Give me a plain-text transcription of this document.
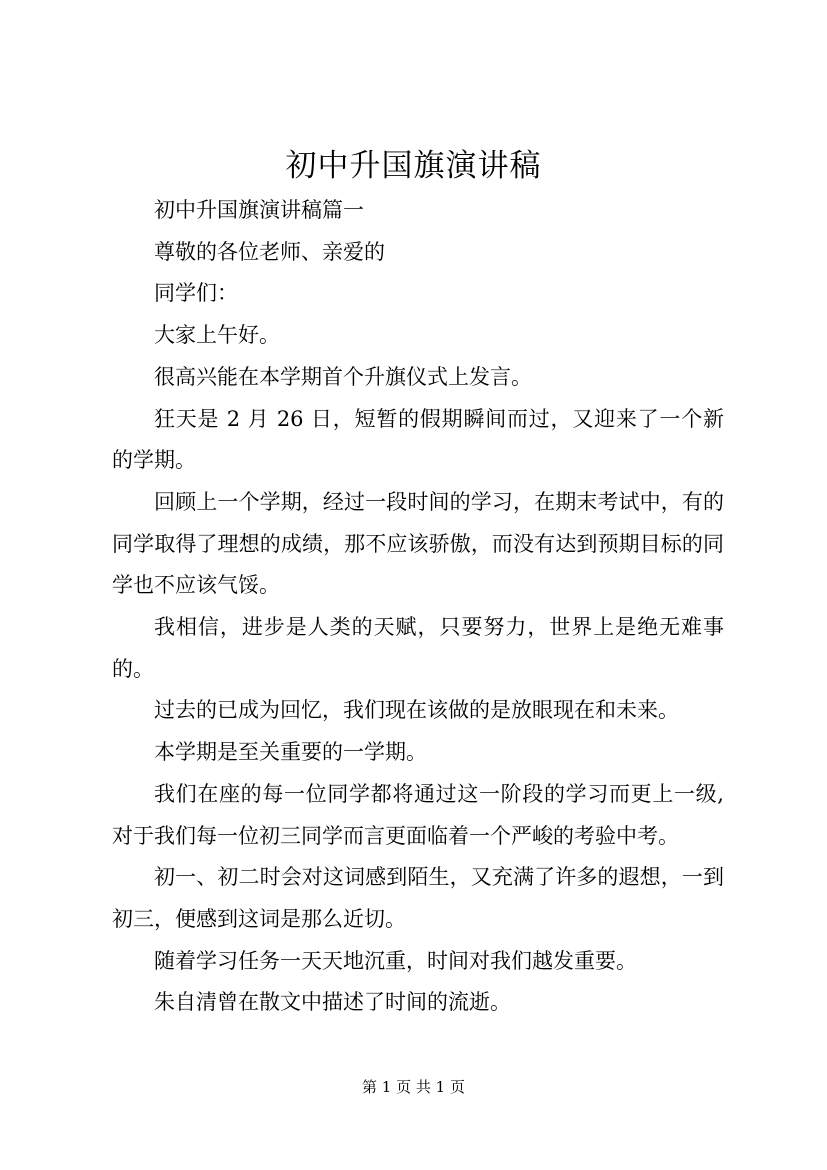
初中升国旗演讲稿

初中升国旗演讲稿篇一

尊敬的各位老师、亲爱的

同学们：

大家上午好。

很高兴能在本学期首个升旗仪式上发言。

狂天是 2 月 26 日，短暂的假期瞬间而过，又迎来了一个新的学期。

回顾上一个学期，经过一段时间的学习，在期末考试中，有的同学取得了理想的成绩，那不应该骄傲，而没有达到预期目标的同学也不应该气馁。

我相信，进步是人类的天赋，只要努力，世界上是绝无难事的。

过去的已成为回忆，我们现在该做的是放眼现在和未来。

本学期是至关重要的一学期。

我们在座的每一位同学都将通过这一阶段的学习而更上一级,对于我们每一位初三同学而言更面临着一个严峻的考验中考。

初一、初二时会对这词感到陌生，又充满了许多的遐想，一到初三，便感到这词是那么近切。

随着学习任务一天天地沉重，时间对我们越发重要。

朱自清曾在散文中描述了时间的流逝。

第 1 页 共 1 页
